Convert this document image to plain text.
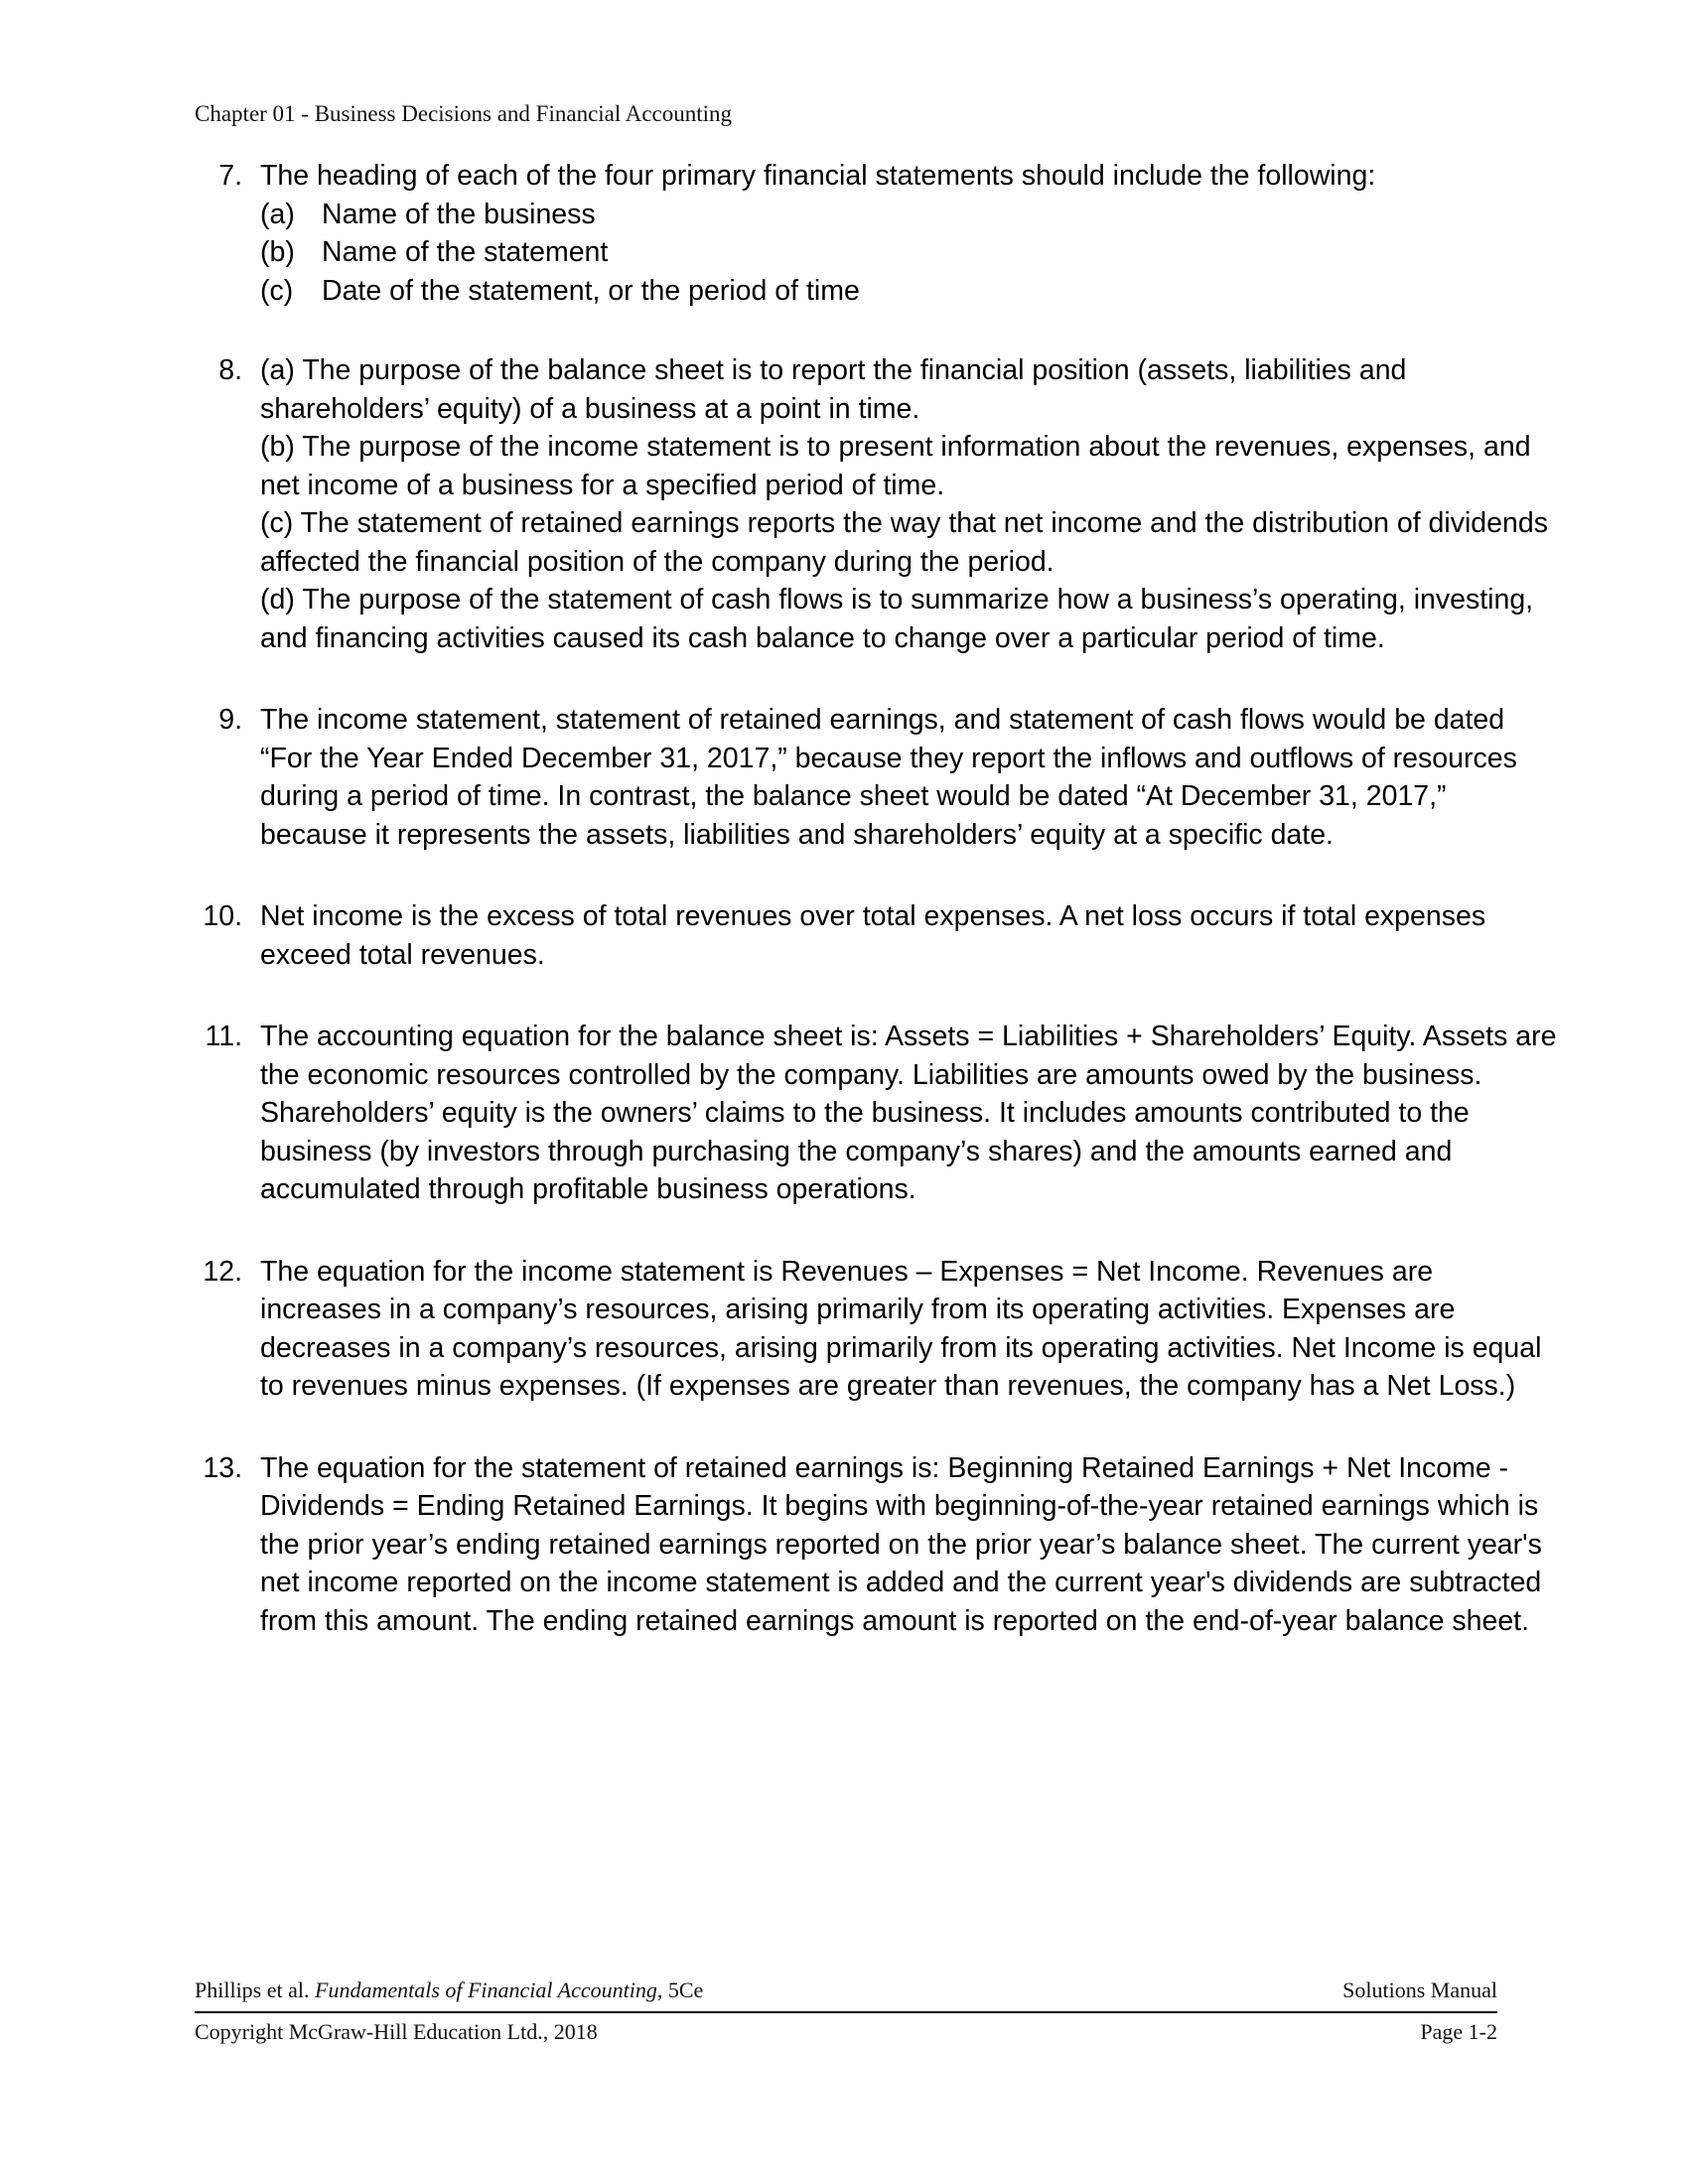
Chapter 01 - Business Decisions and Financial Accounting
7. The heading of each of the four primary financial statements should include the following:
(a) Name of the business
(b) Name of the statement
(c)	Date of the statement, or the period of time
8. (a) The purpose of the balance sheet is to report the financial position (assets, liabilities and shareholders’ equity) of a business at a point in time.

(b) The purpose of the income statement is to present information about the revenues, expenses, and net income of a business for a specified period of time.

(c) The statement of retained earnings reports the way that net income and the distribution of dividends affected the financial position of the company during the period.

(d) The purpose of the statement of cash flows is to summarize how a business’s operating, investing, and financing activities caused its cash balance to change over a particular period of time.

9. The income statement, statement of retained earnings, and statement of cash flows would be dated “For the Year Ended December 31, 2017,” because they report the inflows and outflows of resources during a period of time. In contrast, the balance sheet would be dated “At December 31, 2017,” because it represents the assets, liabilities and shareholders’ equity at a specific date.

10. Net income is the excess of total revenues over total expenses. A net loss occurs if total expenses exceed total revenues.

11. The accounting equation for the balance sheet is: Assets = Liabilities + Shareholders’ Equity. Assets are the economic resources controlled by the company. Liabilities are amounts owed by the business. Shareholders’ equity is the owners’ claims to the business. It includes amounts contributed to the business (by investors through purchasing the company’s shares) and the amounts earned and accumulated through profitable business operations.

12. The equation for the income statement is Revenues – Expenses = Net Income. Revenues are increases in a company’s resources, arising primarily from its operating activities. Expenses are decreases in a company’s resources, arising primarily from its operating activities. Net Income is equal to revenues minus expenses. (If expenses are greater than revenues, the company has a Net Loss.)

13. The equation for the statement of retained earnings is: Beginning Retained Earnings + Net Income - Dividends = Ending Retained Earnings. It begins with beginning-of-the-year retained earnings which is the prior year’s ending retained earnings reported on the prior year’s balance sheet. The current year's net income reported on the income statement is added and the current year's dividends are subtracted from this amount. The ending retained earnings amount is reported on the end-of-year balance sheet.

Phillips et al. Fundamentals of Financial Accounting, 5Ce	Solutions Manual
Copyright McGraw-Hill Education Ltd., 2018	Page 1-2
